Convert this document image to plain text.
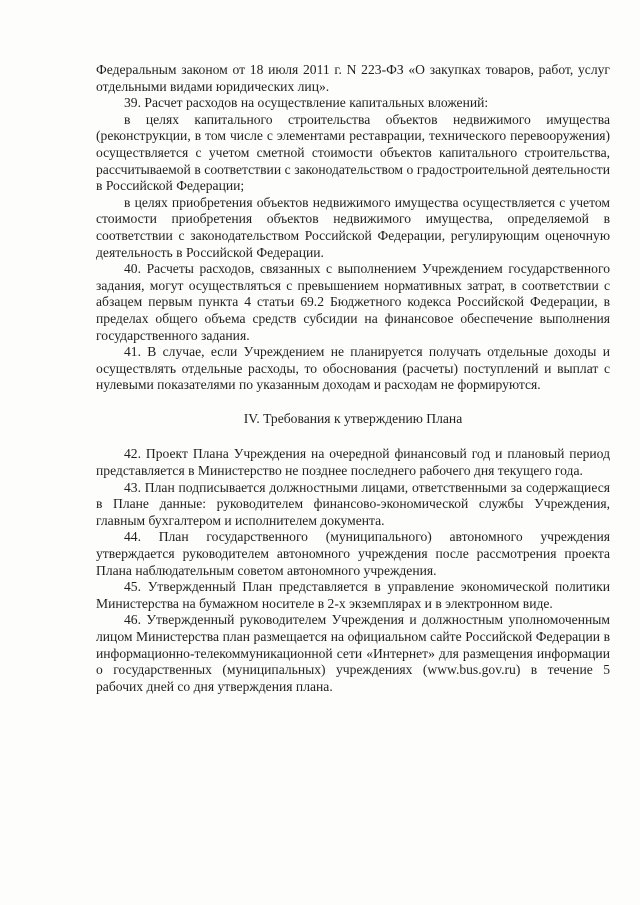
Федеральным законом от 18 июля 2011 г. N 223-ФЗ «О закупках товаров, работ, услуг отдельными видами юридических лиц».

39. Расчет расходов на осуществление капитальных вложений:

в целях капитального строительства объектов недвижимого имущества (реконструкции, в том числе с элементами реставрации, технического перевооружения) осуществляется с учетом сметной стоимости объектов капитального строительства, рассчитываемой в соответствии с законодательством о градостроительной деятельности в Российской Федерации;

в целях приобретения объектов недвижимого имущества осуществляется с учетом стоимости приобретения объектов недвижимого имущества, определяемой в соответствии с законодательством Российской Федерации, регулирующим оценочную деятельность в Российской Федерации.

40. Расчеты расходов, связанных с выполнением Учреждением государственного задания, могут осуществляться с превышением нормативных затрат, в соответствии с абзацем первым пункта 4 статьи 69.2 Бюджетного кодекса Российской Федерации, в пределах общего объема средств субсидии на финансовое обеспечение выполнения государственного задания.

41. В случае, если Учреждением не планируется получать отдельные доходы и осуществлять отдельные расходы, то обоснования (расчеты) поступлений и выплат с нулевыми показателями по указанным доходам и расходам не формируются.

IV. Требования к утверждению Плана

42. Проект Плана Учреждения на очередной финансовый год и плановый период представляется в Министерство не позднее последнего рабочего дня текущего года.

43. План подписывается должностными лицами, ответственными за содержащиеся в Плане данные: руководителем финансово-экономической службы Учреждения, главным бухгалтером и исполнителем документа.

44. План государственного (муниципального) автономного учреждения утверждается руководителем автономного учреждения после рассмотрения проекта Плана наблюдательным советом автономного учреждения.

45. Утвержденный План представляется в управление экономической политики Министерства на бумажном носителе в 2-х экземплярах и в электронном виде.

46. Утвержденный руководителем Учреждения и должностным уполномоченным лицом Министерства план размещается на официальном сайте Российской Федерации в информационно-телекоммуникационной сети «Интернет» для размещения информации о государственных (муниципальных) учреждениях (www.bus.gov.ru) в течение 5 рабочих дней со дня утверждения плана.
